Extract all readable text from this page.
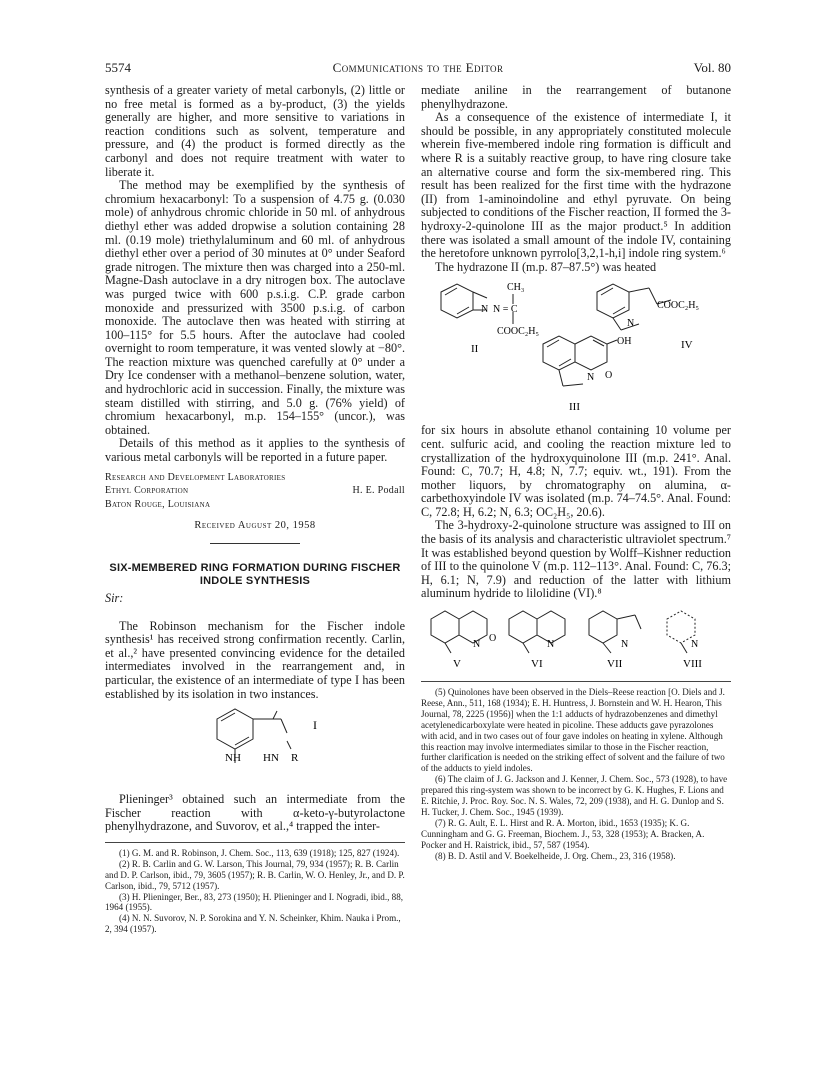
5574	Communications to the Editor	Vol. 80

synthesis of a greater variety of metal carbonyls, (2) little or no free metal is formed as a by-product, (3) the yields generally are higher, and more sensitive to variations in reaction conditions such as solvent, temperature and pressure, and (4) the product is formed directly as the carbonyl and does not require treatment with water to liberate it.

The method may be exemplified by the synthesis of chromium hexacarbonyl: To a suspension of 4.75 g. (0.030 mole) of anhydrous chromic chloride in 50 ml. of anhydrous diethyl ether was added dropwise a solution containing 28 ml. (0.19 mole) triethylaluminum and 60 ml. of anhydrous diethyl ether over a period of 30 minutes at 0° under Seaford grade nitrogen. The mixture then was charged into a 250-ml. Magne-Dash autoclave in a dry nitrogen box. The autoclave was purged twice with 600 p.s.i.g. C.P. grade carbon monoxide and pressurized with 3500 p.s.i.g. of carbon monoxide. The autoclave then was heated with stirring at 100–115° for 5.5 hours. After the autoclave had cooled overnight to room temperature, it was vented slowly at −80°. The reaction mixture was quenched carefully at 0° under a Dry Ice condenser with a methanol–benzene solution, water, and hydrochloric acid in succession. Finally, the mixture was steam distilled with stirring, and 5.0 g. (76% yield) of chromium hexacarbonyl, m.p. 154–155° (uncor.), was obtained.

Details of this method as it applies to the synthesis of various metal carbonyls will be reported in a future paper.

Research and Development Laboratories
Ethyl Corporation	H. E. Podall
Baton Rouge, Louisiana
Received August 20, 1958
SIX-MEMBERED RING FORMATION DURING FISCHER INDOLE SYNTHESIS
Sir:

The Robinson mechanism for the Fischer indole synthesis¹ has received strong confirmation recently. Carlin, et al.,² have presented convincing evidence for the detailed intermediates involved in the rearrangement and, in particular, the existence of an intermediate of type I has been established by its isolation in two instances.

NH HN R
I

Plieninger³ obtained such an intermediate from the Fischer reaction with α-keto-γ-butyrolactone phenylhydrazone, and Suvorov, et al.,⁴ trapped the inter-

(1) G. M. and R. Robinson, J. Chem. Soc., 113, 639 (1918); 125, 827 (1924).

(2) R. B. Carlin and G. W. Larson, This Journal, 79, 934 (1957); R. B. Carlin and D. P. Carlson, ibid., 79, 3605 (1957); R. B. Carlin, W. O. Henley, Jr., and D. P. Carlson, ibid., 79, 5712 (1957).

(3) H. Plieninger, Ber., 83, 273 (1950); H. Plieninger and I. Nogradi, ibid., 88, 1964 (1955).

(4) N. N. Suvorov, N. P. Sorokina and Y. N. Scheinker, Khim. Nauka i Prom., 2, 394 (1957).

mediate aniline in the rearrangement of butanone phenylhydrazone.

As a consequence of the existence of intermediate I, it should be possible, in any appropriately constituted molecule wherein five-membered indole ring formation is difficult and where R is a suitably reactive group, to have ring closure take an alternative course and form the six-membered ring. This result has been realized for the first time with the hydrazone (II) from 1-aminoindoline and ethyl pyruvate. On being subjected to conditions of the Fischer reaction, II formed the 3-hydroxy-2-quinolone III as the major product.⁵ In addition there was isolated a small amount of the indole IV, containing the heretofore unknown pyrrolo[3,2,1-h,i] indole ring system.⁶

The hydrazone II (m.p. 87–87.5°) was heated

CH₃
N N = C
COOC₂H₅
II
N
COOC₂H₅
IV
OH
N O
III

for six hours in absolute ethanol containing 10 volume per cent. sulfuric acid, and cooling the reaction mixture led to crystallization of the hydroxyquinolone III (m.p. 241°. Anal. Found: C, 70.7; H, 4.8; N, 7.7; equiv. wt., 191). From the mother liquors, by chromatography on alumina, α-carbethoxyindole IV was isolated (m.p. 74–74.5°. Anal. Found: C, 72.8; H, 6.2; N, 6.3; OC₂H₅, 20.6).

The 3-hydroxy-2-quinolone structure was assigned to III on the basis of its analysis and characteristic ultraviolet spectrum.⁷ It was established beyond question by Wolff–Kishner reduction of III to the quinolone V (m.p. 112–113°. Anal. Found: C, 76.3; H, 6.1; N, 7.9) and reduction of the latter with lithium aluminum hydride to lilolidine (VI).⁸

N
O
N	N	N
V	VI	VII	VIII

(5) Quinolones have been observed in the Diels–Reese reaction [O. Diels and J. Reese, Ann., 511, 168 (1934); E. H. Huntress, J. Bornstein and W. H. Hearon, This Journal, 78, 2225 (1956)] when the 1:1 adducts of hydrazobenzenes and dimethyl acetylenedicarboxylate were heated in picoline. These adducts gave pyrazolones with acid, and in two cases out of four gave indoles on heating in xylene. Although this reaction may involve intermediates similar to those in the Fischer reaction, further clarification is needed on the striking effect of solvent and the failure of two of the adducts to yield indoles.

(6) The claim of J. G. Jackson and J. Kenner, J. Chem. Soc., 573 (1928), to have prepared this ring-system was shown to be incorrect by G. K. Hughes, F. Lions and E. Ritchie, J. Proc. Roy. Soc. N. S. Wales, 72, 209 (1938), and H. G. Dunlop and S. H. Tucker, J. Chem. Soc., 1945 (1939).

(7) R. G. Ault, E. L. Hirst and R. A. Morton, ibid., 1653 (1935); K. G. Cunningham and G. G. Freeman, Biochem. J., 53, 328 (1953); A. Bracken, A. Pocker and H. Raistrick, ibid., 57, 587 (1954).

(8) B. D. Astil and V. Boekelheide, J. Org. Chem., 23, 316 (1958).
